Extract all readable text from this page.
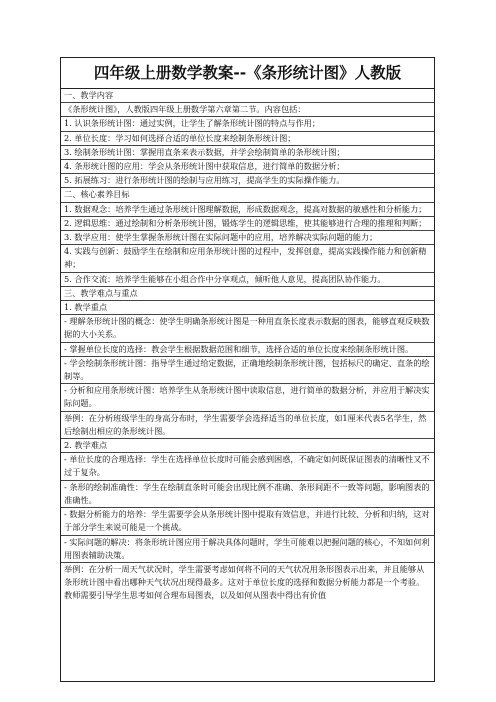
四年级上册数学教案--《条形统计图》人教版
一、教学内容
《条形统计图》，人教版四年级上册数学第六章第二节。内容包括：
1. 认识条形统计图：通过实例，让学生了解条形统计图的特点与作用；
2. 单位长度：学习如何选择合适的单位长度来绘制条形统计图；
3. 绘制条形统计图：掌握用直条来表示数据，并学会绘制简单的条形统计图；
4. 条形统计图的应用：学会从条形统计图中获取信息，进行简单的数据分析；
5. 拓展练习：进行条形统计图的绘制与应用练习，提高学生的实际操作能力。
二、核心素养目标
1. 数据观念：培养学生通过条形统计图理解数据，形成数据观念，提高对数据的敏感性和分析能力；
2. 逻辑思维：通过绘制和分析条形统计图，锻炼学生的逻辑思维，使其能够进行合理的推理和判断；
3. 数学应用：使学生掌握条形统计图在实际问题中的应用，培养解决实际问题的能力；
4. 实践与创新：鼓励学生在绘制和应用条形统计图的过程中，发挥创意，提高实践操作能力和创新精神；
5. 合作交流：培养学生能够在小组合作中分享观点，倾听他人意见，提高团队协作能力。
三、教学难点与重点
1. 教学重点
- 理解条形统计图的概念：使学生明确条形统计图是一种用直条长度表示数据的图表，能够直观反映数据的大小关系。
- 掌握单位长度的选择：教会学生根据数据范围和细节，选择合适的单位长度来绘制条形统计图。
- 学会绘制条形统计图：指导学生通过给定数据，正确地绘制条形统计图，包括标尺的确定、直条的绘制等。
- 分析和应用条形统计图：培养学生从条形统计图中读取信息，进行简单的数据分析，并应用于解决实际问题。
举例：在分析班级学生的身高分布时，学生需要学会选择适当的单位长度，如1厘米代表5名学生，然后绘制出相应的条形统计图。
2. 教学难点
- 单位长度的合理选择：学生在选择单位长度时可能会感到困惑，不确定如何既保证图表的清晰性又不过于复杂。
- 条形的绘制准确性：学生在绘制直条时可能会出现比例不准确、条形间距不一致等问题，影响图表的准确性。
- 数据分析能力的培养：学生需要学会从条形统计图中提取有效信息，并进行比较、分析和归纳，这对于部分学生来说可能是一个挑战。
- 实际问题的解决：将条形统计图应用于解决具体问题时，学生可能难以把握问题的核心，不知如何利用图表辅助决策。
举例：在分析一周天气状况时，学生需要考虑如何将不同的天气状况用条形图表示出来，并且能够从条形统计图中看出哪种天气状况出现得最多。这对于单位长度的选择和数据分析能力都是一个考验。教师需要引导学生思考如何合理布局图表，以及如何从图表中得出有价值
